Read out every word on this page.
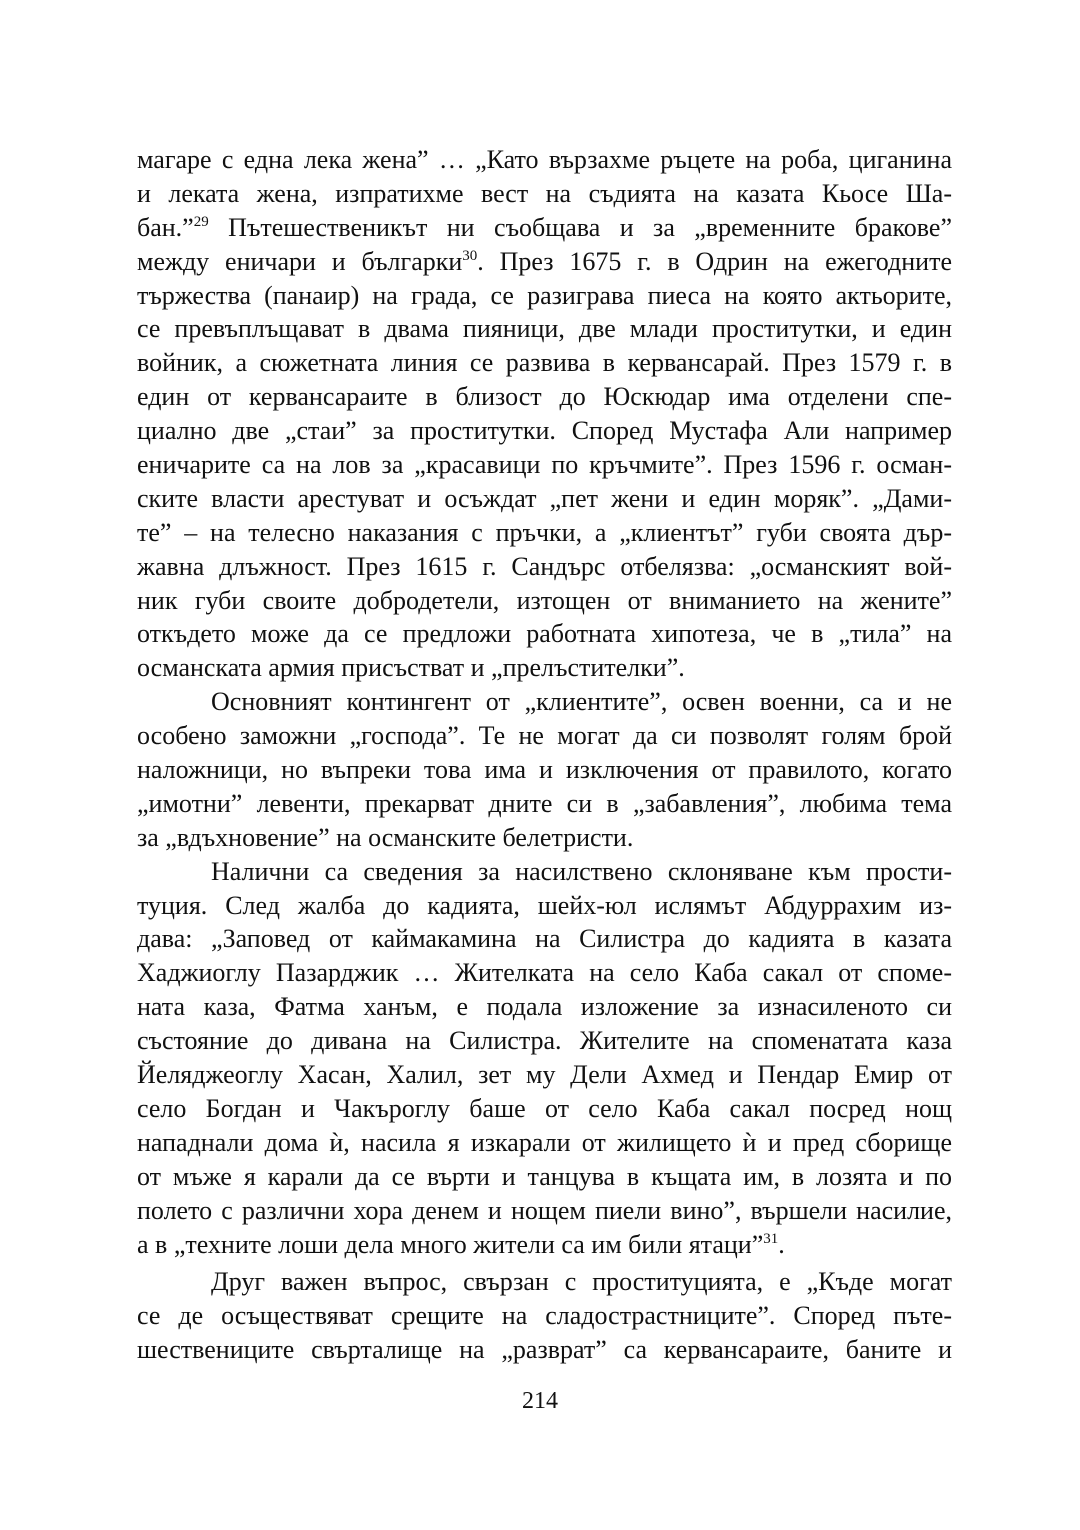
магаре с една лека жена” … „Като вързахме ръцете на роба, циганина
и леката жена, изпратихме вест на съдията на казата Кьосе Ша-
бан.”$^{29}$ Пътешественикът ни съобщава и за „временните бракове”
между еничари и българки$^{30}$. През 1675 г. в Одрин на ежегодните
тържества (панаир) на града, се разиграва пиеса на която актьорите,
се превъплъщават в двама пияници, две млади проститутки, и един
войник, а сюжетната линия се развива в кервансарай. През 1579 г. в
един от кервансараите в близост до Юскюдар има отделени спе-
циално две „стаи” за проститутки. Според Мустафа Али например
еничарите са на лов за „красавици по кръчмите”. През 1596 г. осман-
ските власти арестуват и осъждат „пет жени и един моряк”. „Дами-
те” – на телесно наказания с пръчки, а „клиентът” губи своята дър-
жавна длъжност. През 1615 г. Сандърс отбелязва: „османският вой-
ник губи своите добродетели, изтощен от вниманието на жените”
откъдето може да се предложи работната хипотеза, че в „тила” на
османската армия присъстват и „прелъстителки”.
Основният контингент от „клиентите”, освен военни, са и не
особено заможни „господа”. Те не могат да си позволят голям брой
наложници, но въпреки това има и изключения от правилото, когато
„имотни” левенти, прекарват дните си в „забавления”, любима тема
за „вдъхновение” на османските белетристи.
Налични са сведения за насилствено склоняване към прости-
туция. След жалба до кадията, шейх-юл ислямът Абдуррахим из-
дава: „Заповед от каймакамина на Силистра до кадията в казата
Хаджиоглу Пазарджик … Жителката на село Каба сакал от споме-
ната каза, Фатма ханъм, е подала изложение за изнасиленото си
състояние до дивана на Силистра. Жителите на споменатата каза
Йеляджеоглу Хасан, Халил, зет му Дели Ахмед и Пендар Емир от
село Богдан и Чакъроглу баше от село Каба сакал посред нощ
нападнали дома ѝ, насила я изкарали от жилището ѝ и пред сборище
от мъже я карали да се върти и танцува в къщата им, в лозята и по
полето с различни хора денем и нощем пиели вино”, вършели насилие,
а в „техните лоши дела много жители са им били ятаци”$^{31}$.
Друг важен въпрос, свързан с проституцията, е „Къде могат
се де осъществяват срещите на сладострастниците”. Според пъте-
шествениците свърталище на „разврат” са кервансараите, баните и
214
